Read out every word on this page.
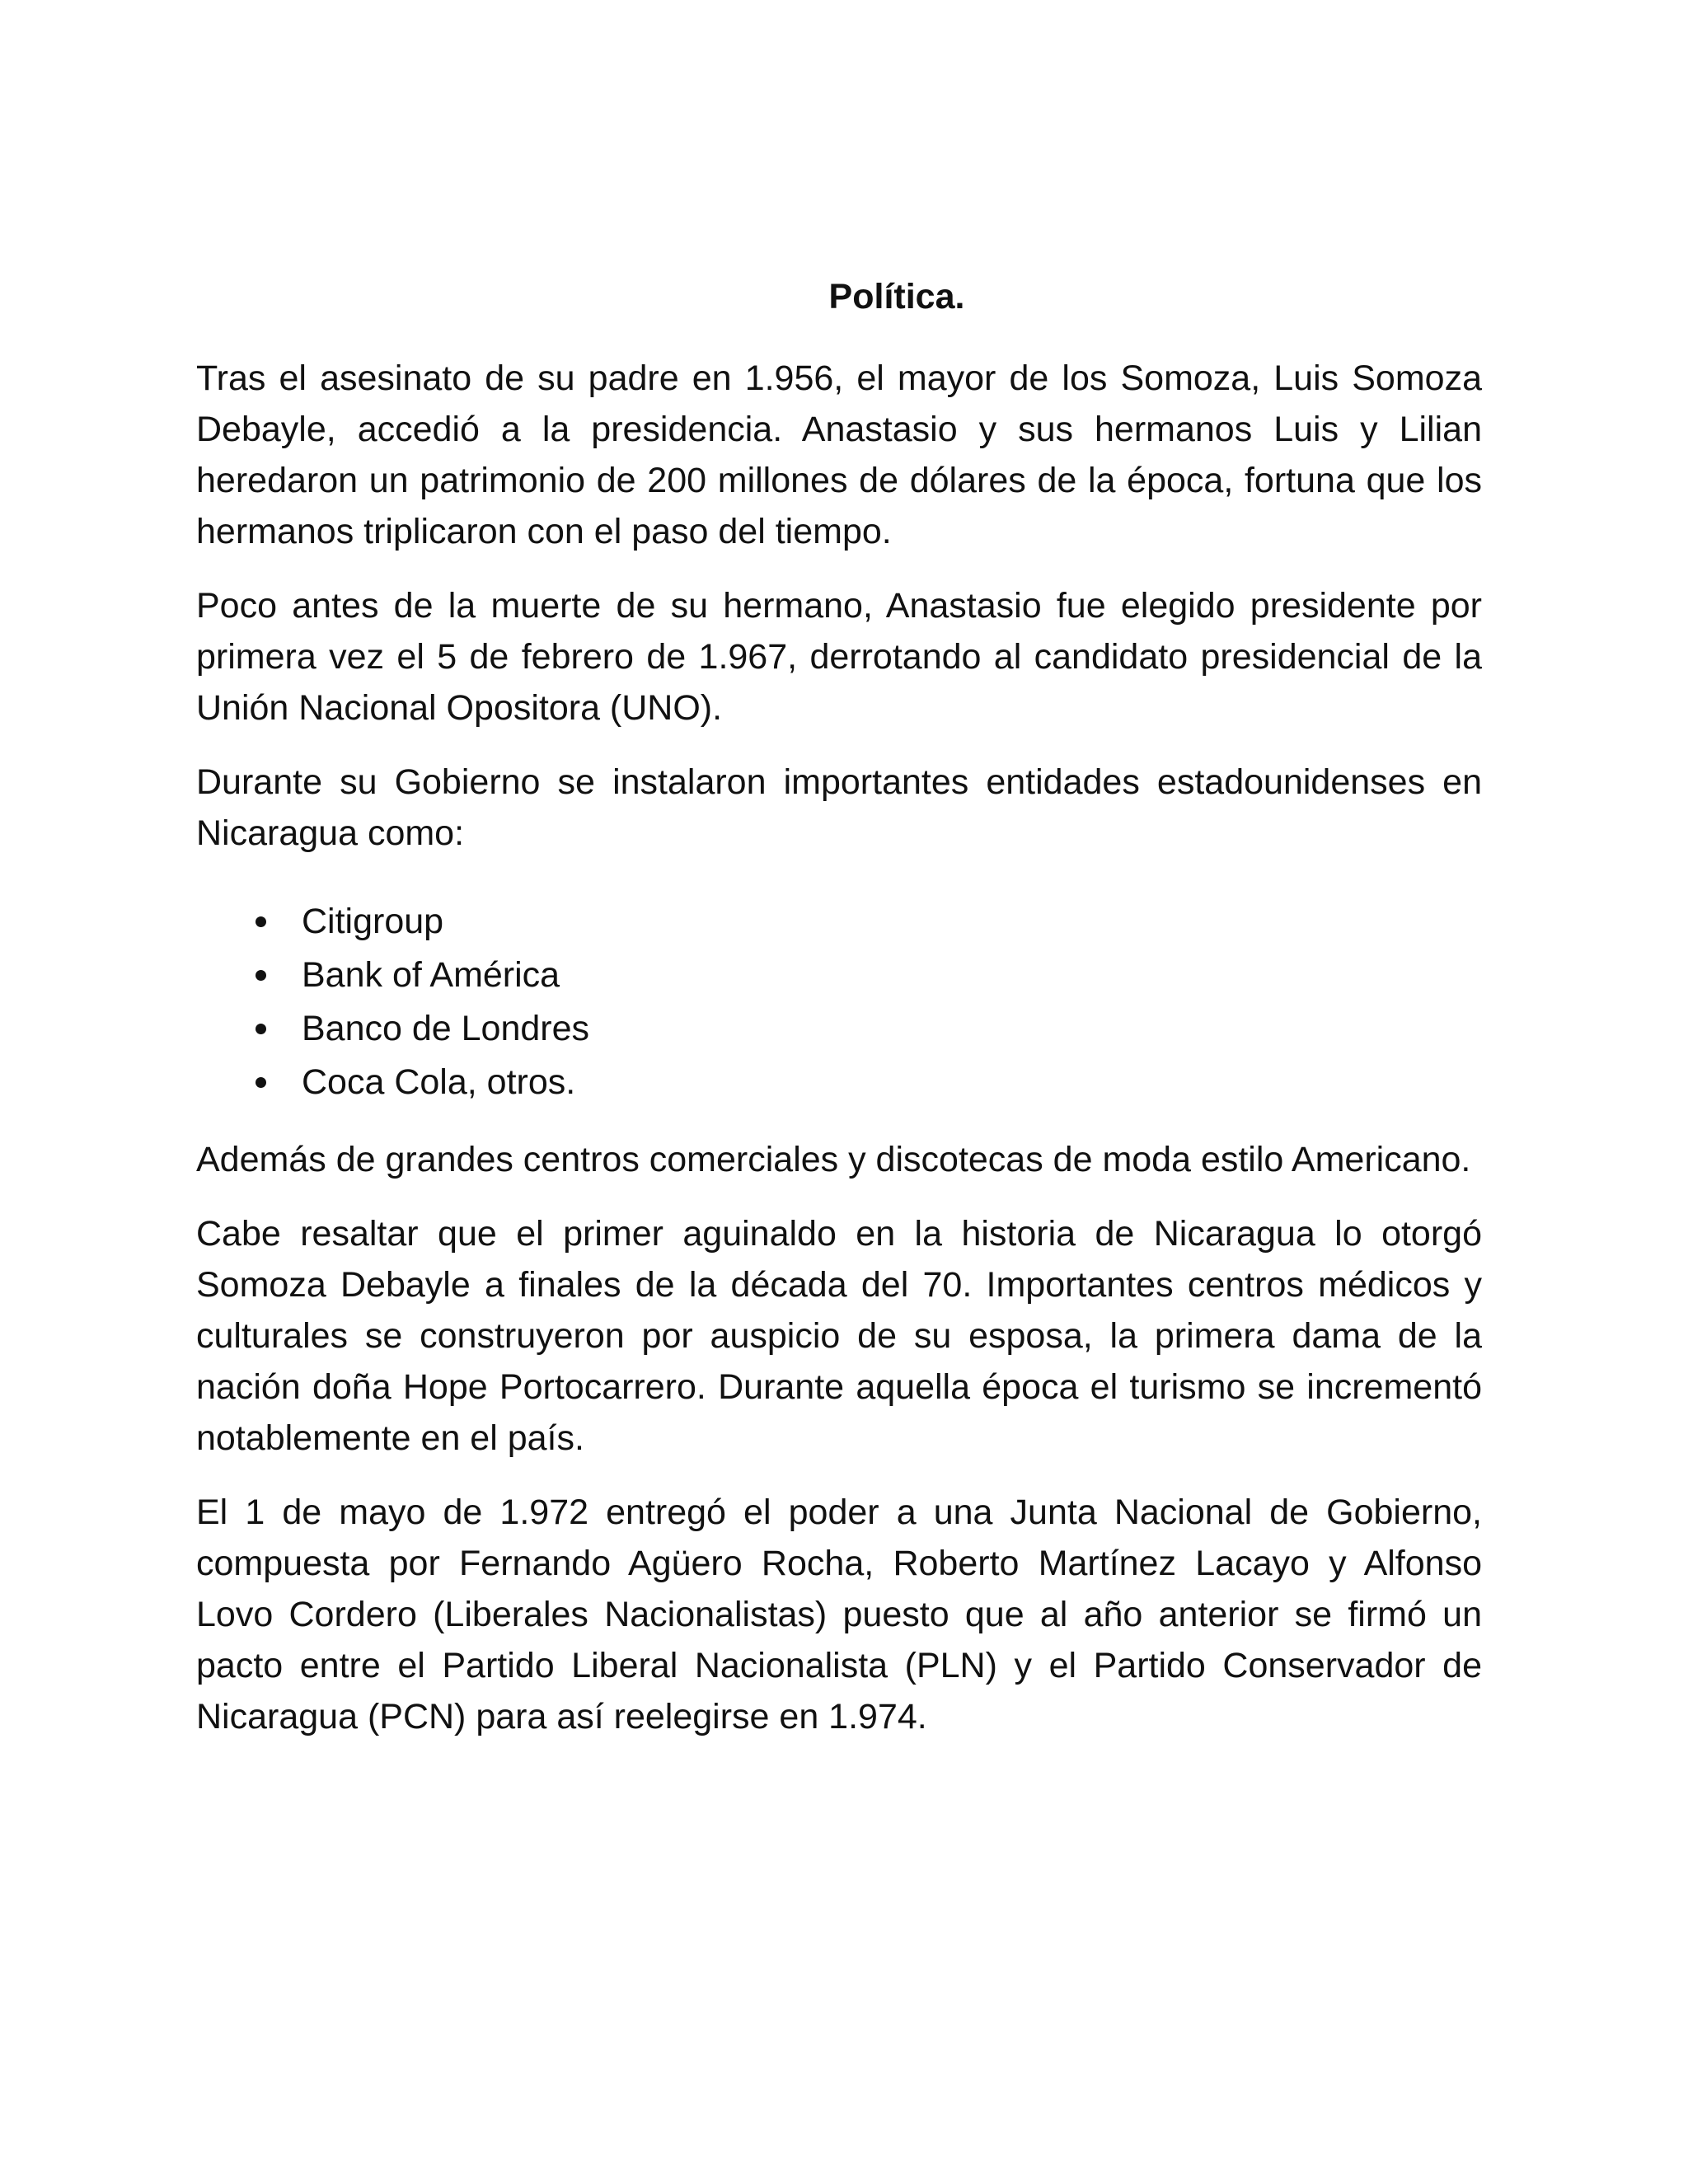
Política.

Tras el asesinato de su padre en 1.956, el mayor de los Somoza, Luis Somoza Debayle, accedió a la presidencia. Anastasio y sus hermanos Luis y Lilian heredaron un patrimonio de 200 millones de dólares de la época, fortuna que los hermanos triplicaron con el paso del tiempo.

Poco antes de la muerte de su hermano, Anastasio fue elegido presidente por primera vez el 5 de febrero de 1.967, derrotando al candidato presidencial de la Unión Nacional Opositora (UNO).

Durante su Gobierno se instalaron importantes entidades estadounidenses en Nicaragua como:

Citigroup
Bank of América
Banco de Londres
Coca Cola, otros.

Además de grandes centros comerciales y discotecas de moda estilo Americano.

Cabe resaltar que el primer aguinaldo en la historia de Nicaragua lo otorgó Somoza Debayle a finales de la década del 70. Importantes centros médicos y culturales se construyeron por auspicio de su esposa, la primera dama de la nación doña Hope Portocarrero. Durante aquella época el turismo se incrementó notablemente en el país.

El 1 de mayo de 1.972 entregó el poder a una Junta Nacional de Gobierno, compuesta por Fernando Agüero Rocha, Roberto Martínez Lacayo y Alfonso Lovo Cordero (Liberales Nacionalistas) puesto que al año anterior se firmó un pacto entre el Partido Liberal Nacionalista (PLN) y el Partido Conservador de Nicaragua (PCN) para así reelegirse en 1.974.
